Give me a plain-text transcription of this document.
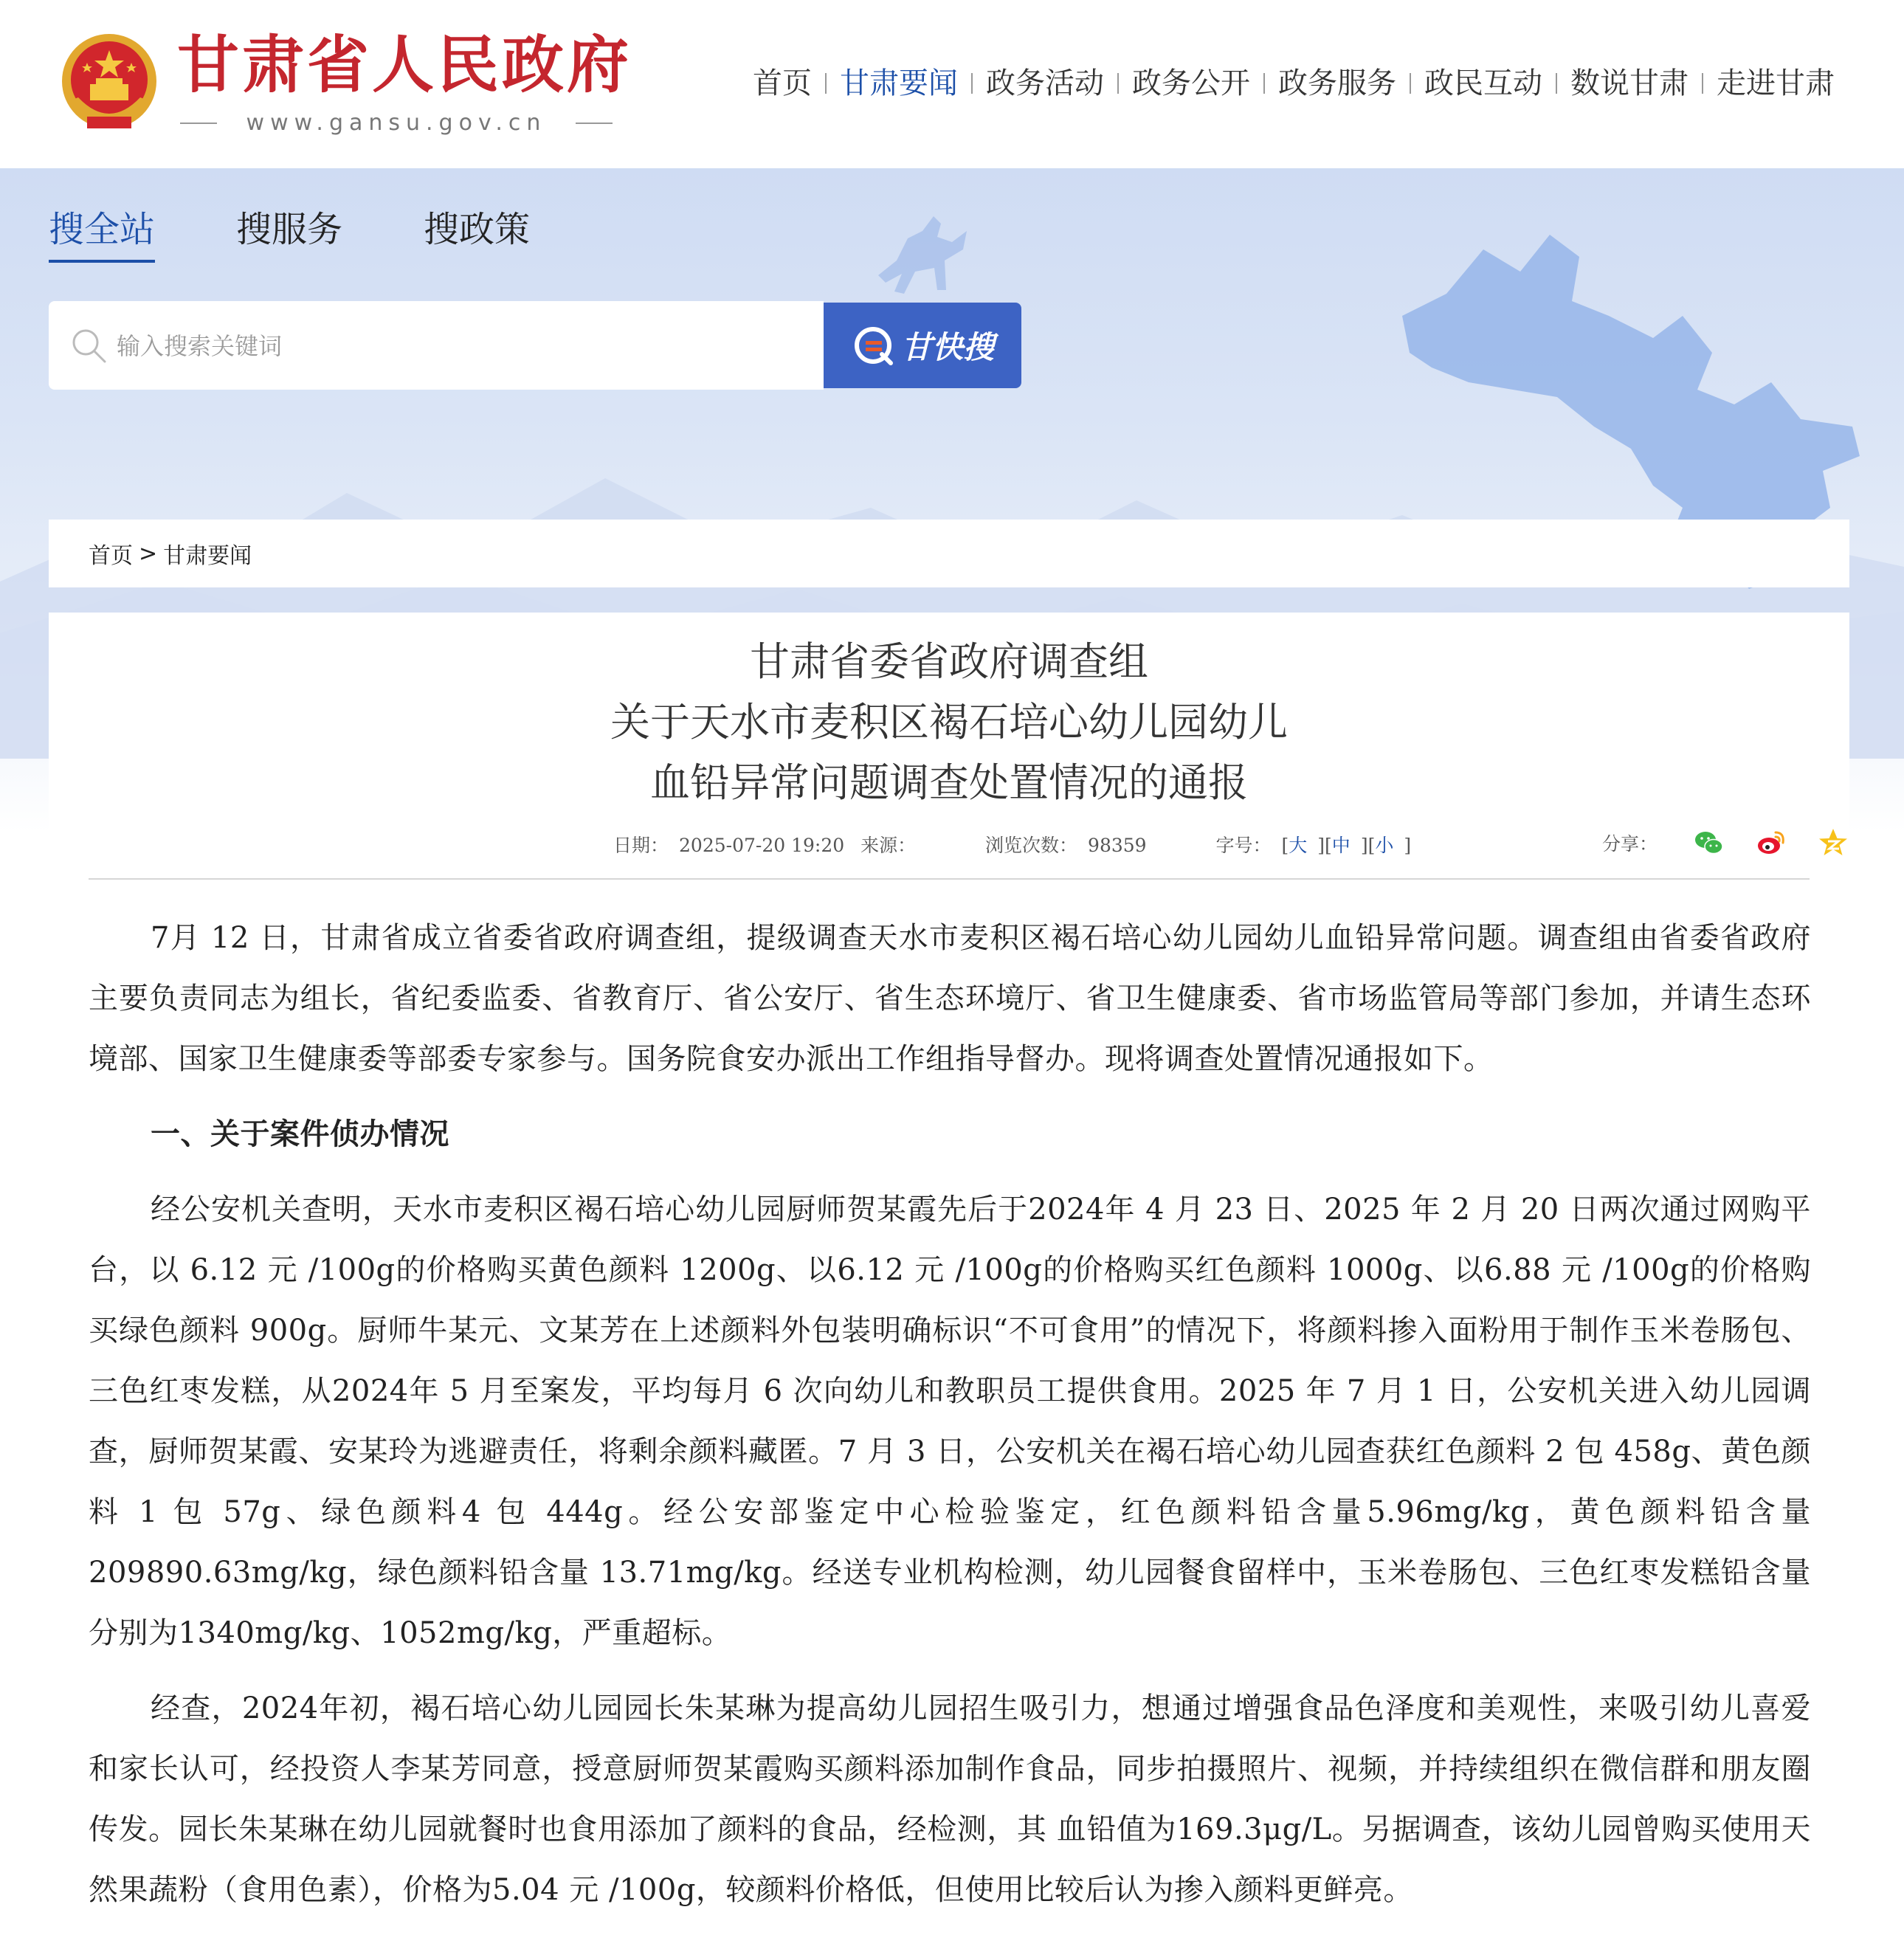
甘肃省人民政府
www.gansu.gov.cn
首页 甘肃要闻 政务活动 政务公开 政务服务 政民互动 数说甘肃 走进甘肃
搜全站 搜服务 搜政策
输入搜索关键词
甘快搜
首页 > 甘肃要闻
甘肃省委省政府调查组
关于天水市麦积区褐石培心幼儿园幼儿
血铅异常问题调查处置情况的通报
日期： 2025-07-20 19:20 来源：	浏览次数： 98359	字号： [大 ][中 ][小 ]	分享：

7月 12 日，甘肃省成立省委省政府调查组，提级调查天水市麦积区褐石培心幼儿园幼儿血铅异常问题。调查组由省委省政府主要负责同志为组长，省纪委监委、省教育厅、省公安厅、省生态环境厅、省卫生健康委、省市场监管局等部门参加，并请生态环境部、国家卫生健康委等部委专家参与。国务院食安办派出工作组指导督办。现将调查处置情况通报如下。

一、关于案件侦办情况

经公安机关查明，天水市麦积区褐石培心幼儿园厨师贺某霞先后于2024年 4 月 23 日、2025 年 2 月 20 日两次通过网购平台，以 6.12 元 /100g的价格购买黄色颜料 1200g、以6.12 元 /100g的价格购买红色颜料 1000g、以6.88 元 /100g的价格购买绿色颜料 900g。厨师牛某元、文某芳在上述颜料外包装明确标识“不可食用”的情况下，将颜料掺入面粉用于制作玉米卷肠包、三色红枣发糕，从2024年 5 月至案发，平均每月 6 次向幼儿和教职员工提供食用。2025 年 7 月 1 日，公安机关进入幼儿园调查，厨师贺某霞、安某玲为逃避责任，将剩余颜料藏匿。7 月 3 日，公安机关在褐石培心幼儿园查获红色颜料 2 包 458g、黄色颜料 1 包 57g、绿色颜料4 包 444g。经公安部鉴定中心检验鉴定，红色颜料铅含量5.96mg/kg，黄色颜料铅含量209890.63mg/kg，绿色颜料铅含量 13.71mg/kg。经送专业机构检测，幼儿园餐食留样中，玉米卷肠包、三色红枣发糕铅含量分别为1340mg/kg、1052mg/kg，严重超标。

经查，2024年初，褐石培心幼儿园园长朱某琳为提高幼儿园招生吸引力，想通过增强食品色泽度和美观性，来吸引幼儿喜爱和家长认可，经投资人李某芳同意，授意厨师贺某霞购买颜料添加制作食品，同步拍摄照片、视频，并持续组织在微信群和朋友圈传发。园长朱某琳在幼儿园就餐时也食用添加了颜料的食品，经检测，其 血铅值为169.3μg/L。另据调查，该幼儿园曾购买使用天然果蔬粉（食用色素），价格为5.04 元 /100g，较颜料价格低，但使用比较后认为掺入颜料更鲜亮。
